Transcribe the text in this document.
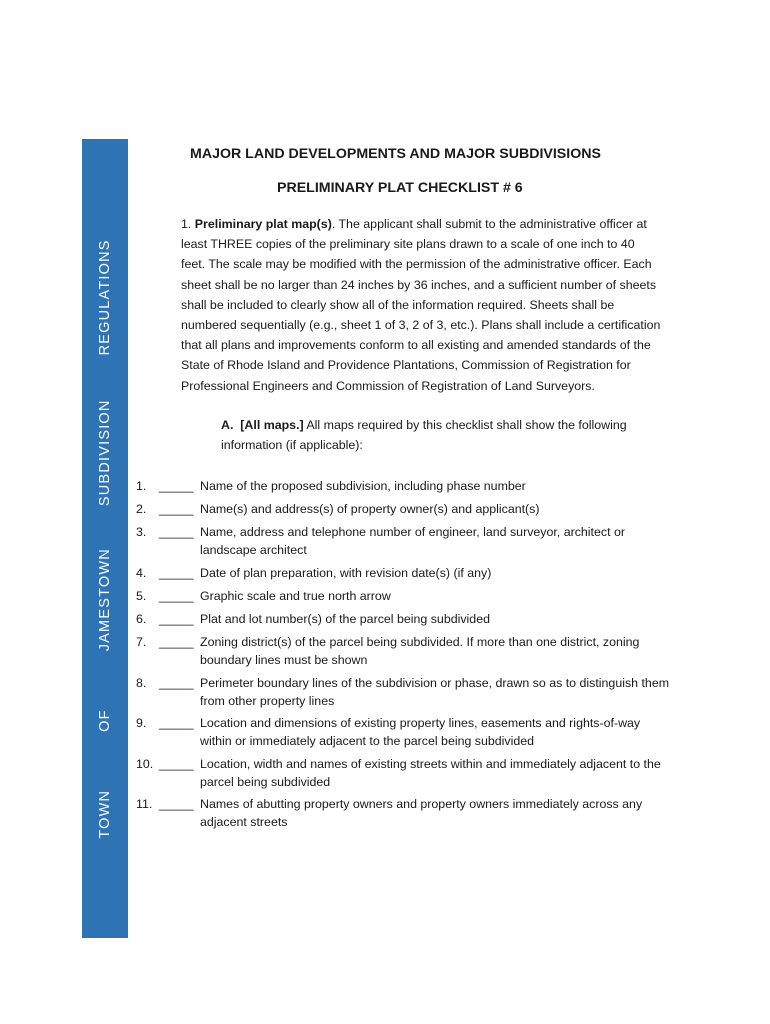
TOWN
OF
JAMESTOWN
SUBDIVISION
REGULATIONS
MAJOR LAND DEVELOPMENTS AND MAJOR SUBDIVISIONS
PRELIMINARY PLAT CHECKLIST # 6
1. Preliminary plat map(s). The applicant shall submit to the administrative officer at least THREE copies of the preliminary site plans drawn to a scale of one inch to 40 feet. The scale may be modified with the permission of the administrative officer. Each sheet shall be no larger than 24 inches by 36 inches, and a sufficient number of sheets shall be included to clearly show all of the information required. Sheets shall be numbered sequentially (e.g., sheet 1 of 3, 2 of 3, etc.). Plans shall include a certification that all plans and improvements conform to all existing and amended standards of the State of Rhode Island and Providence Plantations, Commission of Registration for Professional Engineers and Commission of Registration of Land Surveyors.
A. [All maps.] All maps required by this checklist shall show the following information (if applicable):
1. _____ Name of the proposed subdivision, including phase number
2. _____ Name(s) and address(s) of property owner(s) and applicant(s)
3. _____ Name, address and telephone number of engineer, land surveyor, architect or landscape architect
4. _____ Date of plan preparation, with revision date(s) (if any)
5. _____ Graphic scale and true north arrow
6. _____ Plat and lot number(s) of the parcel being subdivided
7. _____ Zoning district(s) of the parcel being subdivided. If more than one district, zoning boundary lines must be shown
8. _____ Perimeter boundary lines of the subdivision or phase, drawn so as to distinguish them from other property lines
9. _____ Location and dimensions of existing property lines, easements and rights-of-way within or immediately adjacent to the parcel being subdivided
10. _____ Location, width and names of existing streets within and immediately adjacent to the parcel being subdivided
11. _____ Names of abutting property owners and property owners immediately across any adjacent streets
